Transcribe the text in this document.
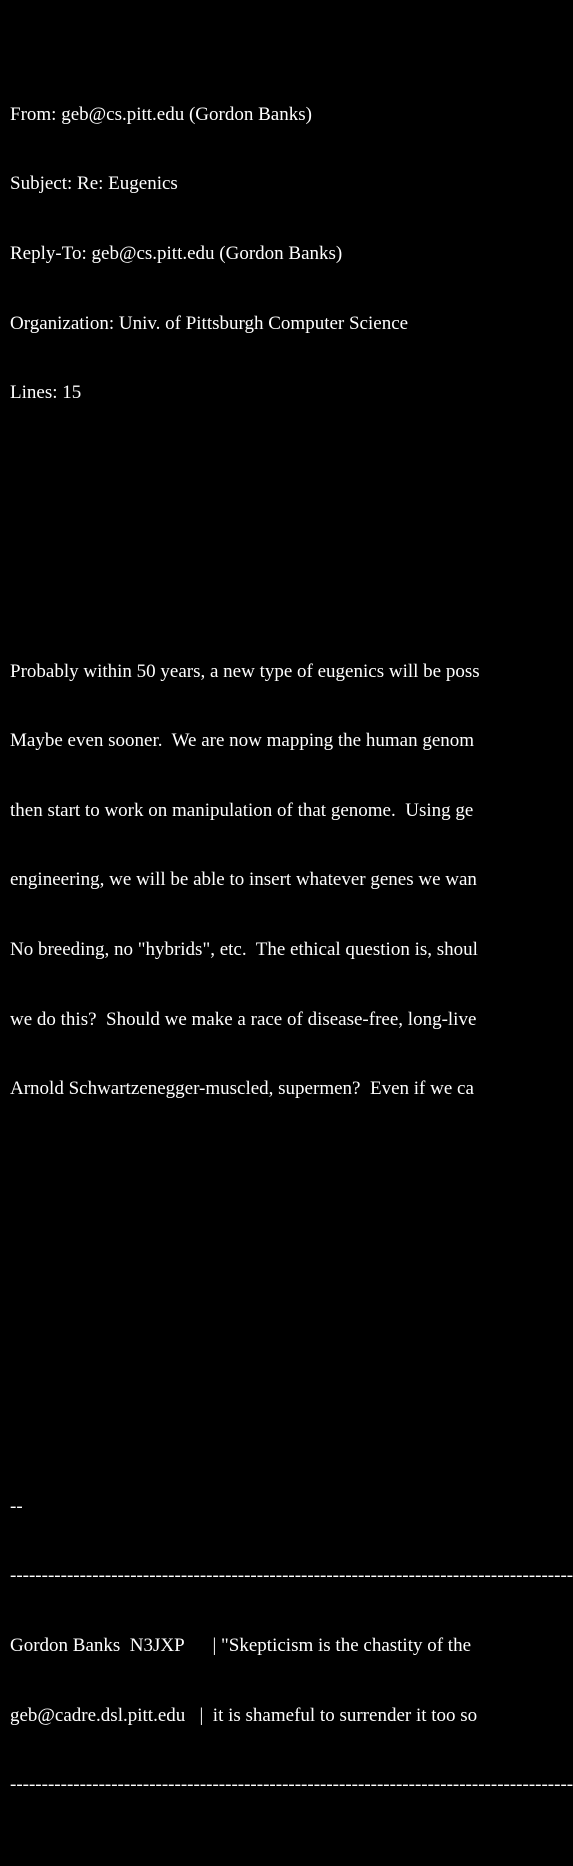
From: geb@cs.pitt.edu (Gordon Banks)

Subject: Re: Eugenics

Reply-To: geb@cs.pitt.edu (Gordon Banks)

Organization: Univ. of Pittsburgh Computer Science

Lines: 15

Probably within 50 years, a new type of eugenics will be poss

Maybe even sooner.  We are now mapping the human genom

then start to work on manipulation of that genome.  Using ge

engineering, we will be able to insert whatever genes we wan

No breeding, no "hybrids", etc.  The ethical question is, shoul

we do this?  Should we make a race of disease-free, long-live

Arnold Schwartzenegger-muscled, supermen?  Even if we ca

--

-----------------------------------------------------------------------------------------

Gordon Banks  N3JXP      | "Skepticism is the chastity of the

geb@cadre.dsl.pitt.edu   |  it is shameful to surrender it too so

-----------------------------------------------------------------------------------------
